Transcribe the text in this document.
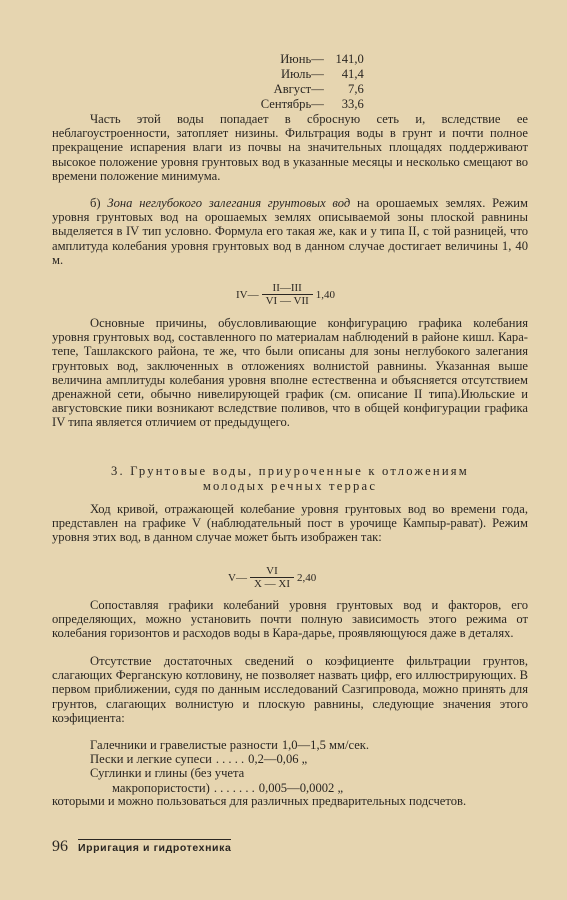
Июнь — 141,0
Июль —	41,4
Август —	7,6
Сентябрь —	33,6

Часть этой воды попадает в сбросную сеть и, вследствие ее неблагоустроенности, затопляет низины. Фильтрация воды в грунт и почти полное прекращение испарения влаги из почвы на значительных площадях поддерживают высокое положение уровня грунтовых вод в указанные месяцы и несколько смещают во времени положение минимума.

б) Зона неглубокого залегания грунтовых вод на орошаемых землях. Режим уровня грунтовых вод на орошаемых землях описываемой зоны плоской равнины выделяется в IV тип условно. Формула его такая же, как и у типа II, с той разницей, что амплитуда колебания уровня грунтовых вод в данном случае достигает величины 1, 40 м.

IV— $\frac{\text{II—III}}{\text{VI — VII}} 1,40$

Основные причины, обусловливающие конфигурацию графика колебания уровня грунтовых вод, составленного по материалам наблюдений в районе кишл. Кара-тепе, Ташлакского района, те же, что были описаны для зоны неглубокого залегания грунтовых вод, заключенных в отложениях волнистой равнины. Указанная выше величина амплитуды колебания уровня вполне естественна и объясняется отсутствием дренажной сети, обычно нивелирующей график (см. описание II типа).Июльские и августовские пики возникают вследствие поливов, что в общей конфигурации графика IV типа является отличием от предыдущего.

3. Грунтовые воды, приуроченные к отложениям
молодых речных террас

Ход кривой, отражающей колебание уровня грунтовых вод во времени года, представлен на графике V (наблюдательный пост в урочище Кампыр-рават). Режим уровня этих вод, в данном случае может быть изображен так:

V— $\frac{VI}{X — XI} 2,40$

Сопоставляя графики колебаний уровня грунтовых вод и факторов, его определяющих, можно установить почти полную зависимость этого режима от колебания горизонтов и расходов воды в Кара-дарье, проявляющуюся даже в деталях.

Отсутствие достаточных сведений о коэфициенте фильтрации грунтов, слагающих Ферганскую котловину, не позволяет назвать цифр, его иллюстрирующих. В первом приближении, судя по данным исследований Сазгипровода, можно принять для грунтов, слагающих волнистую и плоскую равнины, следующие значения этого коэфициента:

Галечники и гравелистые разности 1,0—1,5 мм/сек.
Пески и легкие супеси . . . . . 0,2—0,06 „
Суглинки и глины (без учета
макропористости) . . . . . . . 0,005—0,0002 „

которыми и можно пользоваться для различных предварительных подсчетов.

96 Ирригация и гидротехника
